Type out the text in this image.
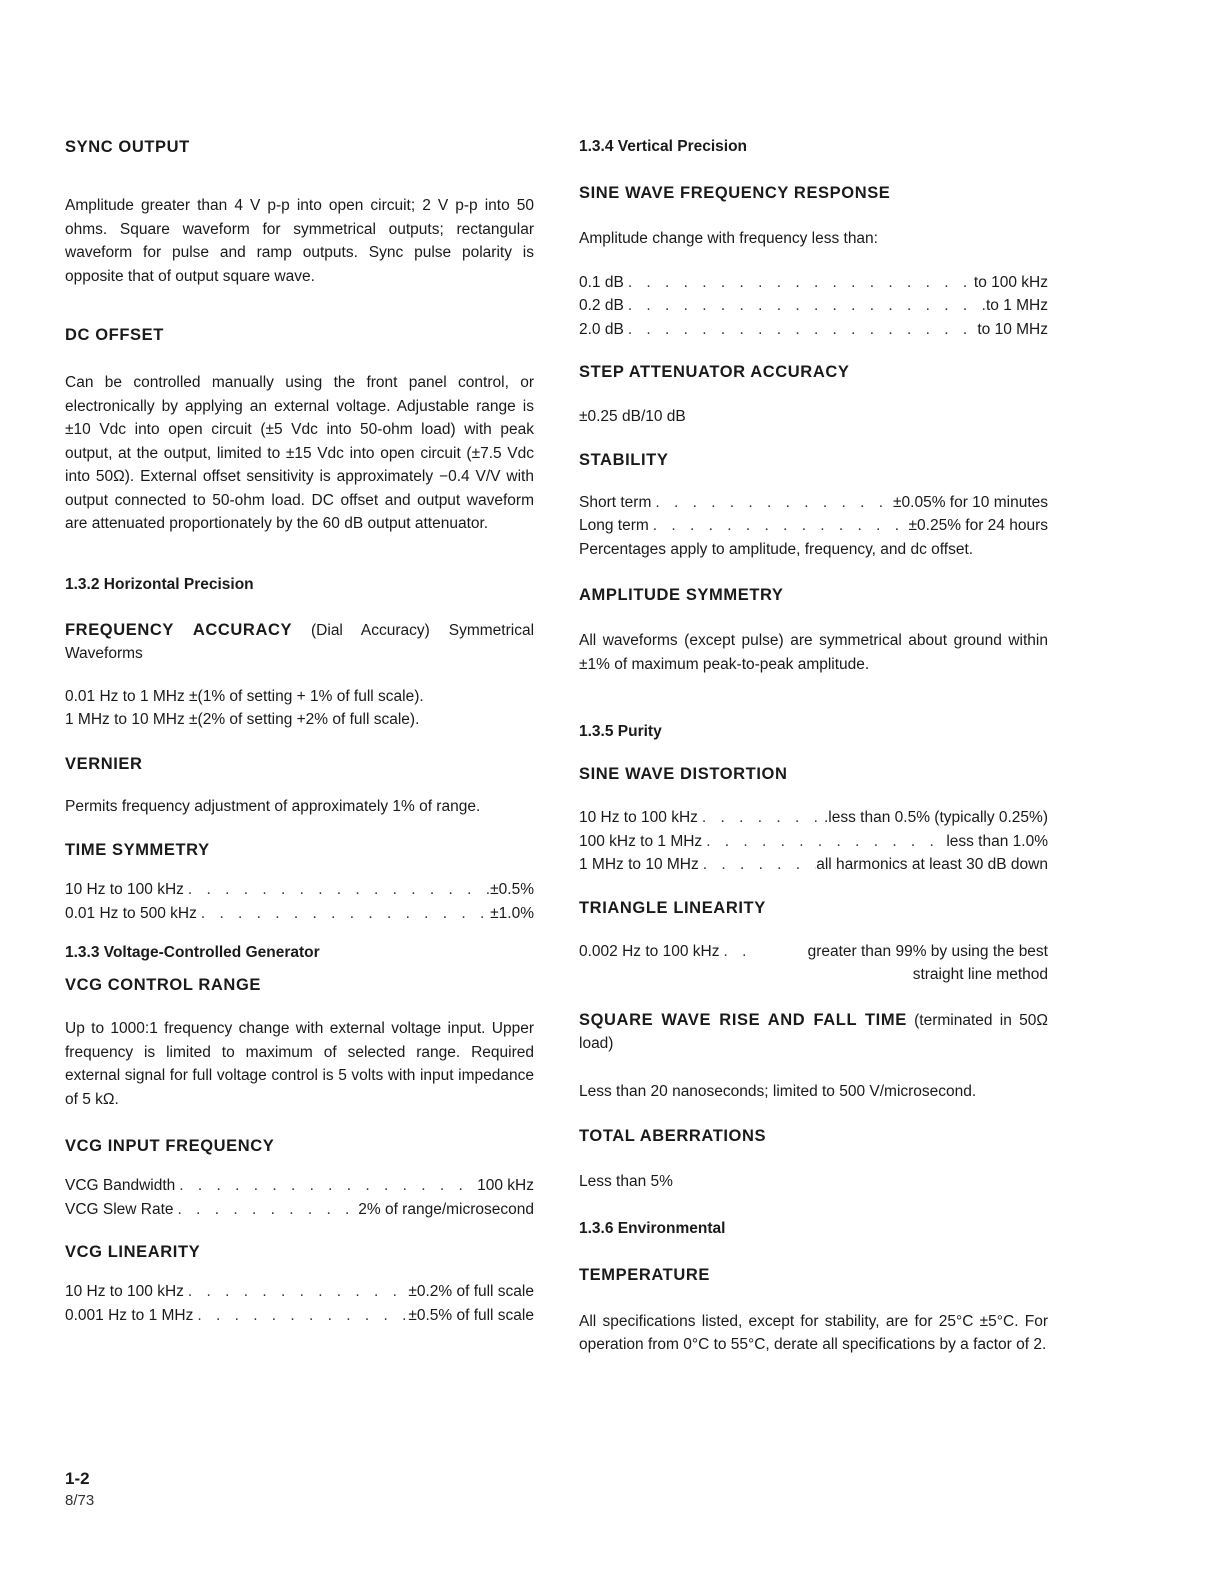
SYNC OUTPUT

Amplitude greater than 4 V p-p into open circuit; 2 V p-p into 50 ohms. Square waveform for symmetrical outputs; rectangular waveform for pulse and ramp outputs. Sync pulse polarity is opposite that of output square wave.

DC OFFSET

Can be controlled manually using the front panel control, or electronically by applying an external voltage. Adjustable range is ±10 Vdc into open circuit (±5 Vdc into 50-ohm load) with peak output, at the output, limited to ±15 Vdc into open circuit (±7.5 Vdc into 50Ω). External offset sensitivity is approximately −0.4 V/V with output connected to 50-ohm load. DC offset and output waveform are attenuated proportionately by the 60 dB output attenuator.

1.3.2 Horizontal Precision

FREQUENCY ACCURACY (Dial Accuracy) Symmetrical Waveforms

0.01 Hz to 1 MHz ±(1% of setting + 1% of full scale).

1 MHz to 10 MHz ±(2% of setting +2% of full scale).

VERNIER

Permits frequency adjustment of approximately 1% of range.

TIME SYMMETRY

10 Hz to 100 kHz . . .	±0.5%
0.01 Hz to 500 kHz . . .	±1.0%

1.3.3 Voltage-Controlled Generator

VCG CONTROL RANGE

Up to 1000:1 frequency change with external voltage input. Upper frequency is limited to maximum of selected range. Required external signal for full voltage control is 5 volts with input impedance of 5 kΩ.

VCG INPUT FREQUENCY

VCG Bandwidth . . .	100 kHz
VCG Slew Rate . . .	2% of range/microsecond

VCG LINEARITY

10 Hz to 100 kHz . . .	±0.2% of full scale
0.001 Hz to 1 MHz . . .	±0.5% of full scale

1.3.4 Vertical Precision

SINE WAVE FREQUENCY RESPONSE

Amplitude change with frequency less than:

0.1 dB . . .	to 100 kHz
0.2 dB . . .	to 1 MHz
2.0 dB . . .	to 10 MHz

STEP ATTENUATOR ACCURACY

±0.25 dB/10 dB

STABILITY

Short term . . .	±0.05% for 10 minutes
Long term . . .	±0.25% for 24 hours

Percentages apply to amplitude, frequency, and dc offset.

AMPLITUDE SYMMETRY

All waveforms (except pulse) are symmetrical about ground within ±1% of maximum peak-to-peak amplitude.

1.3.5 Purity

SINE WAVE DISTORTION

10 Hz to 100 kHz . . .	.less than 0.5% (typically 0.25%)
100 kHz to 1 MHz . . .	less than 1.0%
1 MHz to 10 MHz . . .	all harmonics at least 30 dB down

TRIANGLE LINEARITY

0.002 Hz to 100 kHz . . .	greater than 99% by using the best
straight line method

SQUARE WAVE RISE AND FALL TIME (terminated in 50Ω load)

Less than 20 nanoseconds; limited to 500 V/microsecond.

TOTAL ABERRATIONS

Less than 5%

1.3.6 Environmental

TEMPERATURE

All specifications listed, except for stability, are for 25°C ±5°C. For operation from 0°C to 55°C, derate all specifications by a factor of 2.

1-2

8/73
